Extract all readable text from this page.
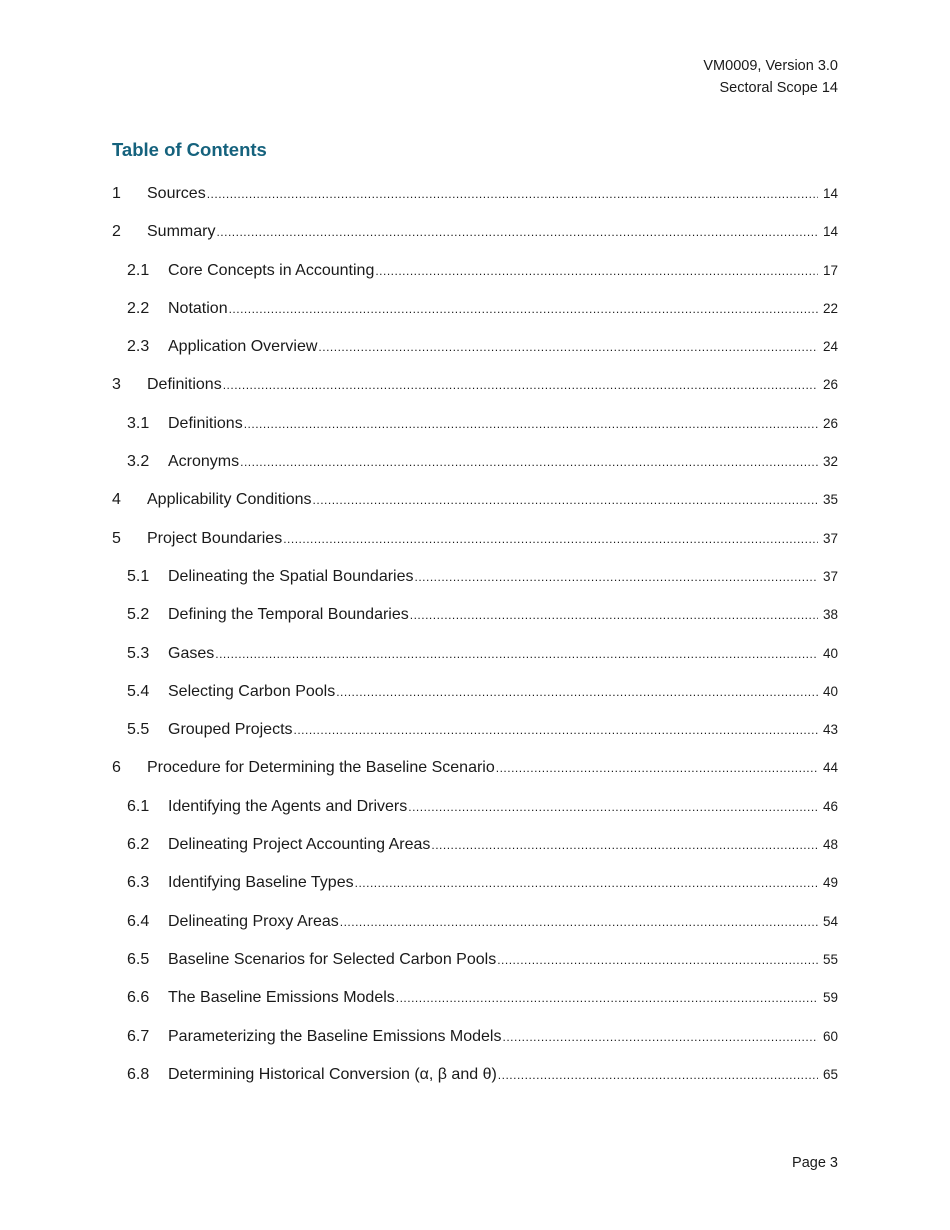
VM0009, Version 3.0
Sectoral Scope 14
Table of Contents
1	Sources .....	14
2	Summary .....	14
2.1	Core Concepts in Accounting .....	17
2.2	Notation .....	22
2.3	Application Overview .....	24
3	Definitions .....	26
3.1	Definitions .....	26
3.2	Acronyms .....	32
4	Applicability Conditions .....	35
5	Project Boundaries .....	37
5.1	Delineating the Spatial Boundaries .....	37
5.2	Defining the Temporal Boundaries .....	38
5.3	Gases .....	40
5.4	Selecting Carbon Pools .....	40
5.5	Grouped Projects .....	43
6	Procedure for Determining the Baseline Scenario .....	44
6.1	Identifying the Agents and Drivers .....	46
6.2	Delineating Project Accounting Areas .....	48
6.3	Identifying Baseline Types .....	49
6.4	Delineating Proxy Areas .....	54
6.5	Baseline Scenarios for Selected Carbon Pools .....	55
6.6	The Baseline Emissions Models .....	59
6.7	Parameterizing the Baseline Emissions Models .....	60
6.8	Determining Historical Conversion (α, β and θ) .....	65
Page 3
